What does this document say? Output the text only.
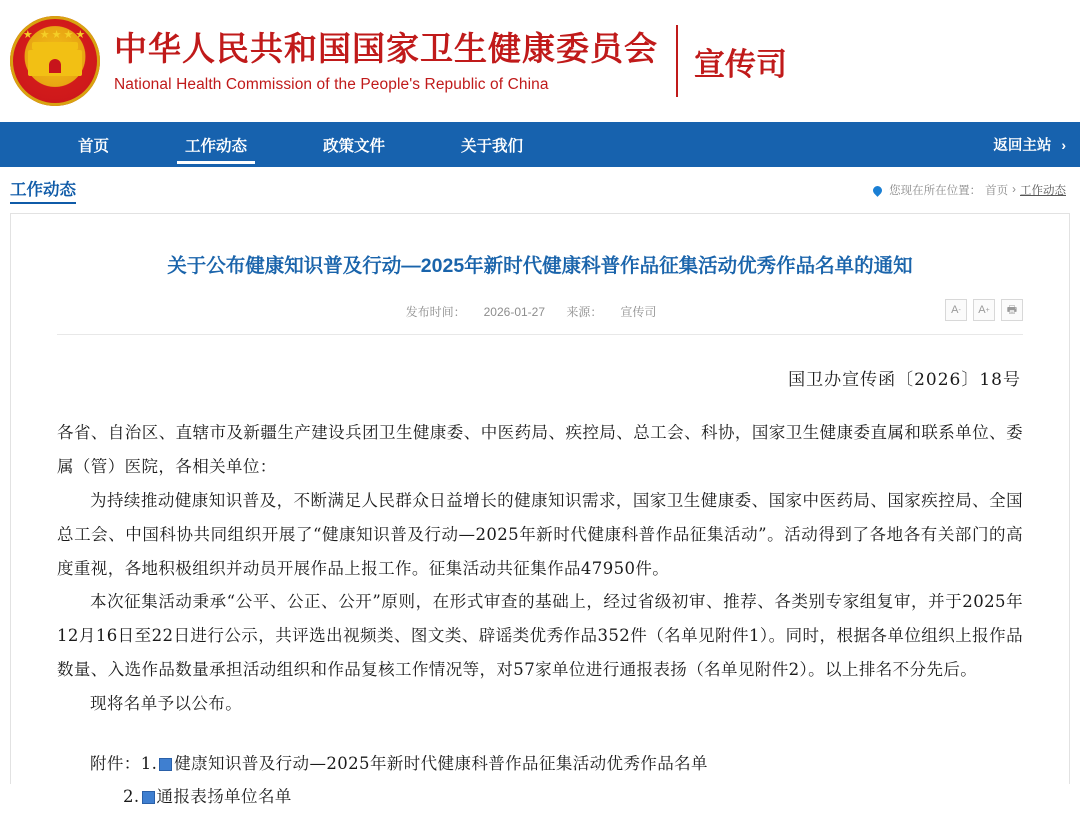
★ ★★★★ 中华人民共和国国家卫生健康委员会
National Health Commission of the People's Republic of China
宣传司
首页	工作动态	政策文件	关于我们	返回主站 ›
工作动态	您现在所在位置： 首页 › 工作动态
关于公布健康知识普及行动—2025年新时代健康科普作品征集活动优秀作品名单的通知
发布时间： 2026-01-27 来源： 宣传司	A - A +	🖶
国卫办宣传函〔2026〕18号

各省、自治区、直辖市及新疆生产建设兵团卫生健康委、中医药局、疾控局、总工会、科协，国家卫生健康委直属和联系单位、委属（管）医院，各相关单位：

为持续推动健康知识普及，不断满足人民群众日益增长的健康知识需求，国家卫生健康委、国家中医药局、国家疾控局、全国总工会、中国科协共同组织开展了“健康知识普及行动—2025年新时代健康科普作品征集活动”。活动得到了各地各有关部门的高度重视，各地积极组织并动员开展作品上报工作。征集活动共征集作品47950件。

本次征集活动秉承“公平、公正、公开”原则，在形式审查的基础上，经过省级初审、推荐、各类别专家组复审，并于2025年12月16日至22日进行公示，共评选出视频类、图文类、辟谣类优秀作品352件（名单见附件1）。同时，根据各单位组织上报作品数量、入选作品数量承担活动组织和作品复核工作情况等，对57家单位进行通报表扬（名单见附件2）。以上排名不分先后。

现将名单予以公布。

附件：1. W 健康知识普及行动—2025年新时代健康科普作品征集活动优秀作品名单
2. W 通报表扬单位名单
